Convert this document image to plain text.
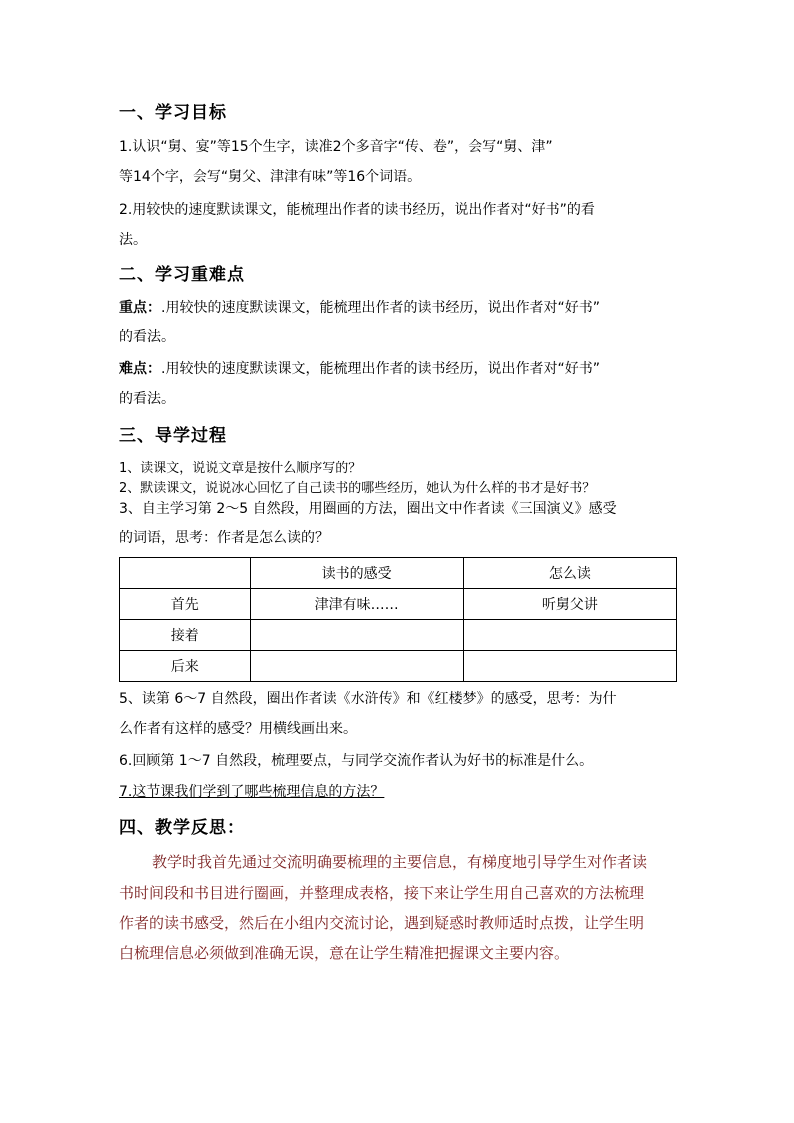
一、学习目标
1.认识“舅、宴”等15个生字，读准2个多音字“传、卷”，会写“舅、津”
等14个字，会写“舅父、津津有味”等16个词语。
2.用较快的速度默读课文，能梳理出作者的读书经历，说出作者对“好书”的看
法。
二、学习重难点
重点：.用较快的速度默读课文，能梳理出作者的读书经历，说出作者对“好书”
的看法。
难点：.用较快的速度默读课文，能梳理出作者的读书经历，说出作者对“好书”
的看法。
三、导学过程
1、读课文，说说文章是按什么顺序写的？
2、默读课文，说说冰心回忆了自己读书的哪些经历，她认为什么样的书才是好书？
3、自主学习第 2～5 自然段，用圈画的方法，圈出文中作者读《三国演义》感受
的词语，思考：作者是怎么读的？
	读书的感受	怎么读
首先	津津有味……	听舅父讲
接着		
后来		
5、读第 6～7 自然段，圈出作者读《水浒传》和《红楼梦》的感受，思考：为什
么作者有这样的感受？用横线画出来。
6.回顾第 1～7 自然段，梳理要点，与同学交流作者认为好书的标准是什么。
7.这节课我们学到了哪些梳理信息的方法？
四、教学反思：
教学时我首先通过交流明确要梳理的主要信息，有梯度地引导学生对作者读
书时间段和书目进行圈画，并整理成表格，接下来让学生用自己喜欢的方法梳理
作者的读书感受，然后在小组内交流讨论，遇到疑惑时教师适时点拨，让学生明
白梳理信息必须做到准确无误，意在让学生精准把握课文主要内容。
